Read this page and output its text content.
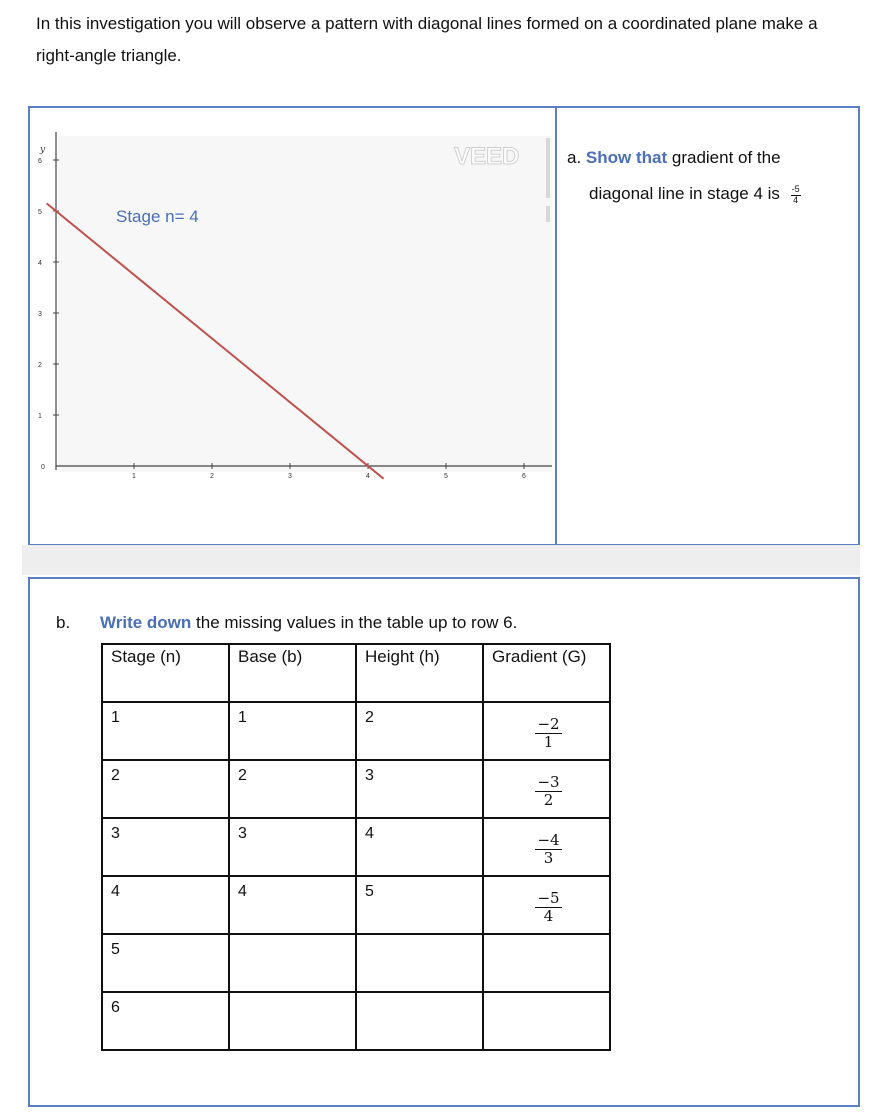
In this investigation you will observe a pattern with diagonal lines formed on a coordinated plane make a right-angle triangle.
y
6
5
4
3
2
1
0
1	2	3	4	5	6
Stage n= 4
VEED	a. Show that gradient of the
diagonal line in stage 4 is $\frac{-5}{4}$
b. Write down the missing values in the table up to row 6.
Stage (n)	Base (b)	Height (h)	Gradient (G)
1	1	2	$\frac{-2}{1}$

2	2	3	$\frac{-3}{2}$

3	3	4	$\frac{-4}{3}$

4	4	5	$\frac{-5}{4}$

5			
6			
